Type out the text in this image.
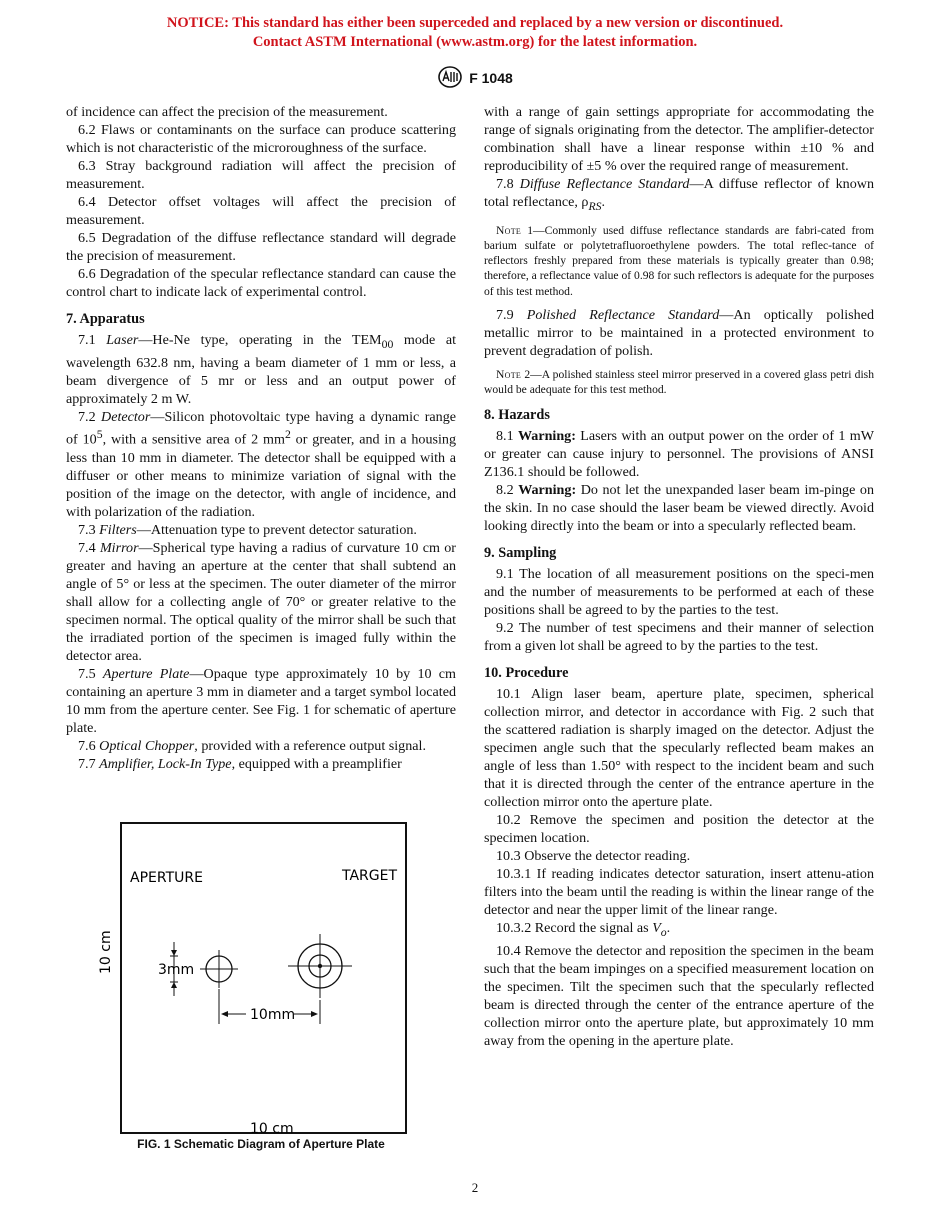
NOTICE: This standard has either been superceded and replaced by a new version or discontinued.
Contact ASTM International (www.astm.org) for the latest information.
F 1048

of incidence can affect the precision of the measurement.

6.2 Flaws or contaminants on the surface can produce scattering which is not characteristic of the microroughness of the surface.

6.3 Stray background radiation will affect the precision of measurement.

6.4 Detector offset voltages will affect the precision of measurement.

6.5 Degradation of the diffuse reflectance standard will degrade the precision of measurement.

6.6 Degradation of the specular reflectance standard can cause the control chart to indicate lack of experimental control.

7. Apparatus

7.1 Laser—He-Ne type, operating in the $TEM_{00}$ mode at wavelength 632.8 nm, having a beam diameter of 1 mm or less, a beam divergence of 5 mr or less and an output power of approximately 2 m W.

7.2 Detector—Silicon photovoltaic type having a dynamic range of $10^5$, with a sensitive area of 2 $mm^2$ or greater, and in a housing less than 10 mm in diameter. The detector shall be equipped with a diffuser or other means to minimize variation of signal with the position of the image on the detector, with angle of incidence, and with polarization of the radiation.

7.3 Filters—Attenuation type to prevent detector saturation.

7.4 Mirror—Spherical type having a radius of curvature 10 cm or greater and having an aperture at the center that shall subtend an angle of 5° or less at the specimen. The outer diameter of the mirror shall allow for a collecting angle of 70° or greater relative to the specimen normal. The optical quality of the mirror shall be such that the irradiated portion of the specimen is imaged fully within the detector area.

7.5 Aperture Plate—Opaque type approximately 10 by 10 cm containing an aperture 3 mm in diameter and a target symbol located 10 mm from the aperture center. See Fig. 1 for schematic of aperture plate.

7.6 Optical Chopper, provided with a reference output signal.

7.7 Amplifier, Lock-In Type, equipped with a preamplifier

APERTURE	TARGET
10 cm	3mm
10mm
10 cm
FIG. 1 Schematic Diagram of Aperture Plate

with a range of gain settings appropriate for accommodating the range of signals originating from the detector. The amplifier-detector combination shall have a linear response within ±10 % and reproducibility of ±5 % over the required range of measurement.

7.8 Diffuse Reflectance Standard—A diffuse reflector of known total reflectance, $\rho_{RS}$.

Note 1—Commonly used diffuse reflectance standards are fabri-cated from barium sulfate or polytetrafluoroethylene powders. The total reflec-tance of reflectors freshly prepared from these materials is typically greater than 0.98; therefore, a reflectance value of 0.98 for such reflectors is adequate for the purposes of this test method.

7.9 Polished Reflectance Standard—An optically polished metallic mirror to be maintained in a protected environment to prevent degradation of polish.

Note 2—A polished stainless steel mirror preserved in a covered glass petri dish would be adequate for this test method.

8. Hazards

8.1 Warning: Lasers with an output power on the order of 1 mW or greater can cause injury to personnel. The provisions of ANSI Z136.1 should be followed.

8.2 Warning: Do not let the unexpanded laser beam im-pinge on the skin. In no case should the laser beam be viewed directly. Avoid looking directly into the beam or into a specularly reflected beam.

9. Sampling

9.1 The location of all measurement positions on the speci-men and the number of measurements to be performed at each of these positions shall be agreed to by the parties to the test.

9.2 The number of test specimens and their manner of selection from a given lot shall be agreed to by the parties to the test.

10. Procedure

10.1 Align laser beam, aperture plate, specimen, spherical collection mirror, and detector in accordance with Fig. 2 such that the scattered radiation is sharply imaged on the detector. Adjust the specimen angle such that the specularly reflected beam makes an angle of less than 1.50° with respect to the incident beam and such that it is directed through the center of the entrance aperture in the collection mirror onto the aperture plate.

10.2 Remove the specimen and position the detector at the specimen location.

10.3 Observe the detector reading.

10.3.1 If reading indicates detector saturation, insert attenu-ation filters into the beam until the reading is within the linear range of the detector and near the upper limit of the linear range.

10.3.2 Record the signal as $V_o$.

10.4 Remove the detector and reposition the specimen in the beam such that the beam impinges on a specified measurement location on the specimen. Tilt the specimen such that the specularly reflected beam is directed through the center of the entrance aperture of the collection mirror onto the aperture plate, but approximately 10 mm away from the opening in the aperture plate.

2
